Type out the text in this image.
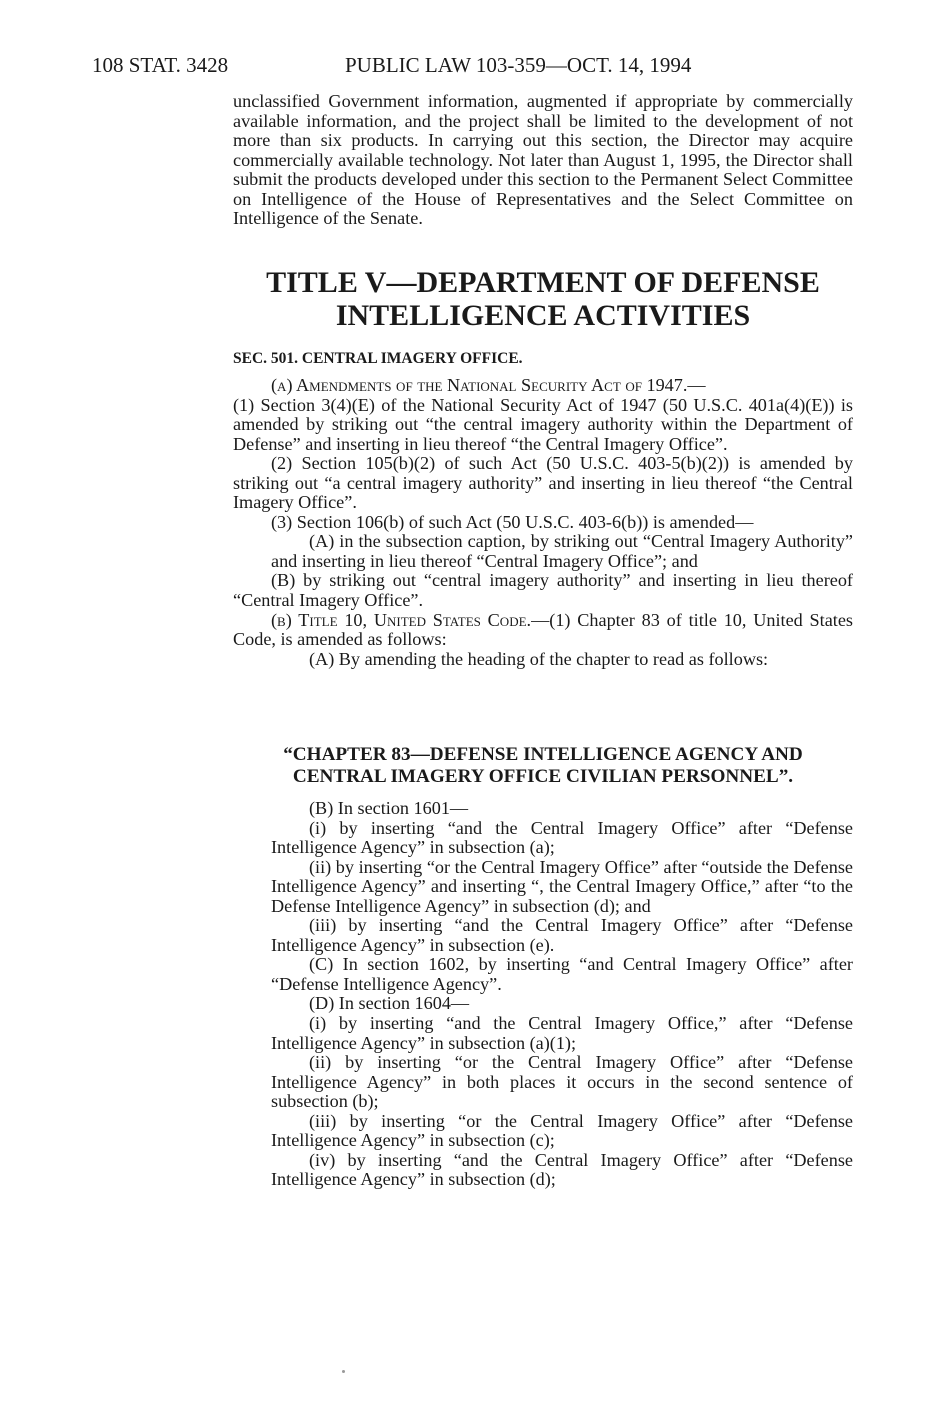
108 STAT. 3428	PUBLIC LAW 103-359—OCT. 14, 1994

unclassified Government information, augmented if appropriate by commercially available information, and the project shall be limited to the development of not more than six products. In carrying out this section, the Director may acquire commercially available technology. Not later than August 1, 1995, the Director shall submit the products developed under this section to the Permanent Select Committee on Intelligence of the House of Representatives and the Select Committee on Intelligence of the Senate.

TITLE V—DEPARTMENT OF DEFENSE
INTELLIGENCE ACTIVITIES
SEC. 501. CENTRAL IMAGERY OFFICE.

(a) Amendments of the National Security Act of 1947.—
(1) Section 3(4)(E) of the National Security Act of 1947 (50 U.S.C. 401a(4)(E)) is amended by striking out “the central imagery authority within the Department of Defense” and inserting in lieu thereof “the Central Imagery Office”.

(2) Section 105(b)(2) of such Act (50 U.S.C. 403-5(b)(2)) is amended by striking out “a central imagery authority” and inserting in lieu thereof “the Central Imagery Office”.

(3) Section 106(b) of such Act (50 U.S.C. 403-6(b)) is amended—

(A) in the subsection caption, by striking out “Central Imagery Authority” and inserting in lieu thereof “Central Imagery Office”; and

(B) by striking out “central imagery authority” and inserting in lieu thereof “Central Imagery Office”.

(b) Title 10, United States Code.—(1) Chapter 83 of title 10, United States Code, is amended as follows:

(A) By amending the heading of the chapter to read as follows:

“CHAPTER 83—DEFENSE INTELLIGENCE AGENCY AND
CENTRAL IMAGERY OFFICE CIVILIAN PERSONNEL”.

(B) In section 1601—

(i) by inserting “and the Central Imagery Office” after “Defense Intelligence Agency” in subsection (a);

(ii) by inserting “or the Central Imagery Office” after “outside the Defense Intelligence Agency” and inserting “, the Central Imagery Office,” after “to the Defense Intelligence Agency” in subsection (d); and

(iii) by inserting “and the Central Imagery Office” after “Defense Intelligence Agency” in subsection (e).

(C) In section 1602, by inserting “and Central Imagery Office” after “Defense Intelligence Agency”.

(D) In section 1604—

(i) by inserting “and the Central Imagery Office,” after “Defense Intelligence Agency” in subsection (a)(1);

(ii) by inserting “or the Central Imagery Office” after “Defense Intelligence Agency” in both places it occurs in the second sentence of subsection (b);

(iii) by inserting “or the Central Imagery Office” after “Defense Intelligence Agency” in subsection (c);

(iv) by inserting “and the Central Imagery Office” after “Defense Intelligence Agency” in subsection (d);
